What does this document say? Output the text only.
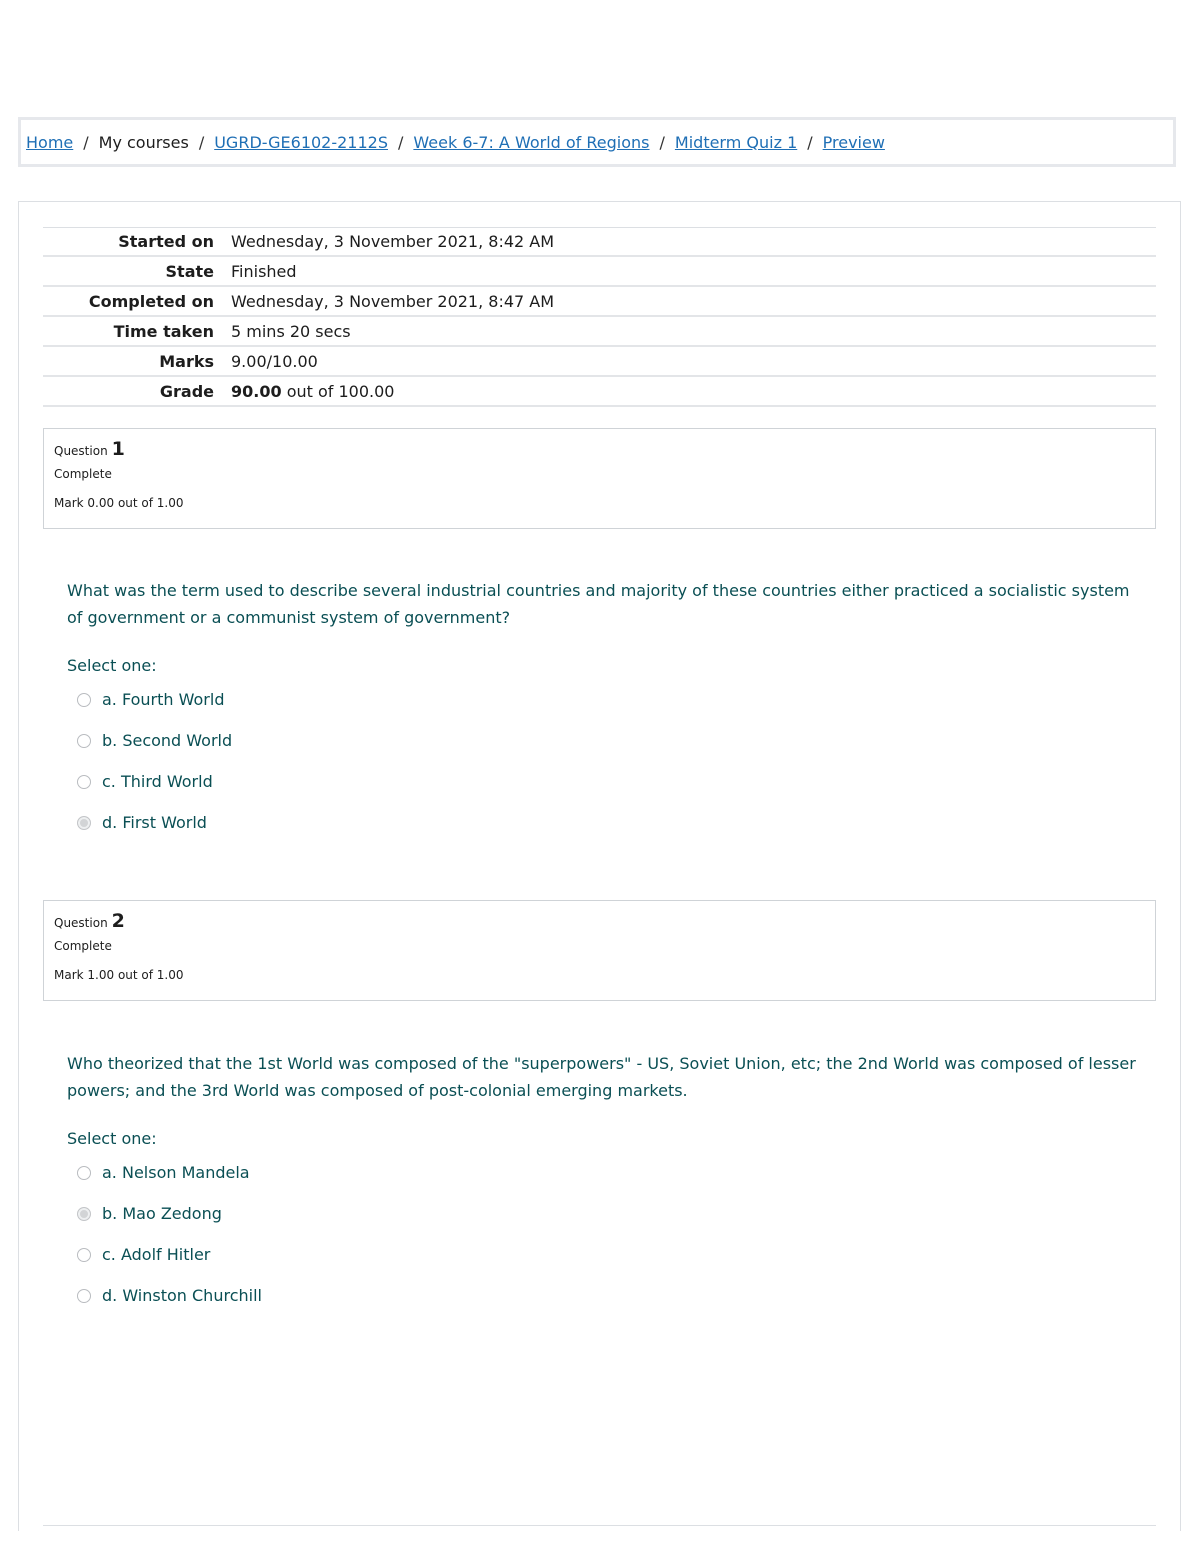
Home / My courses / UGRD-GE6102-2112S / Week 6-7: A World of Regions / Midterm Quiz 1 / Preview
Started on	Wednesday, 3 November 2021, 8:42 AM
State	Finished
Completed on	Wednesday, 3 November 2021, 8:47 AM
Time taken	5 mins 20 secs
Marks	9.00/10.00
Grade	90.00 out of 100.00
Question 1
Complete
Mark 0.00 out of 1.00
What was the term used to describe several industrial countries and majority of these countries either practiced a socialistic system of government or a communist system of government?
Select one:
a. Fourth World
b. Second World
c. Third World
d. First World
Question 2
Complete
Mark 1.00 out of 1.00
Who theorized that the 1st World was composed of the "superpowers" - US, Soviet Union, etc; the 2nd World was composed of lesser powers; and the 3rd World was composed of post-colonial emerging markets.
Select one:
a. Nelson Mandela
b. Mao Zedong
c. Adolf Hitler
d. Winston Churchill
